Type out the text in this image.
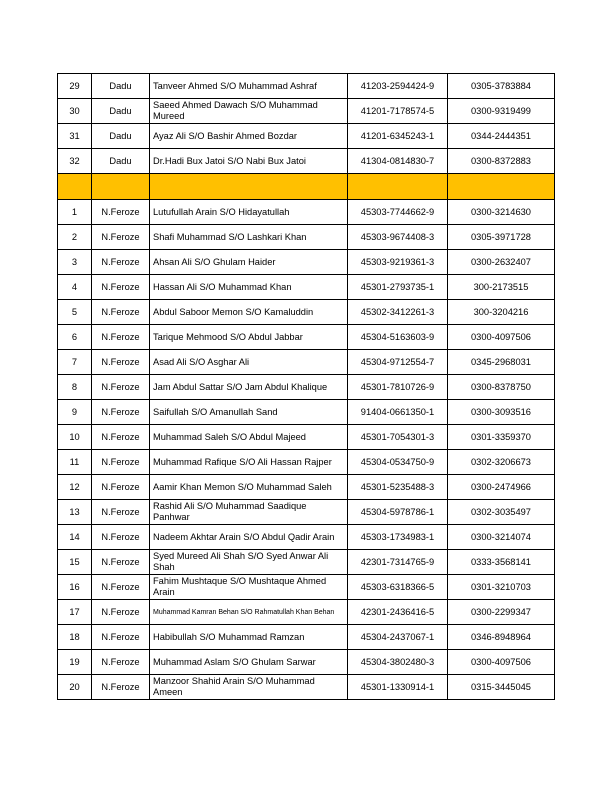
29	Dadu	Tanveer Ahmed S/O Muhammad Ashraf	41203-2594424-9	0305-3783884
30	Dadu	Saeed Ahmed Dawach S/O Muhammad Mureed	41201-7178574-5	0300-9319499
31	Dadu	Ayaz Ali S/O Bashir Ahmed Bozdar	41201-6345243-1	0344-2444351
32	Dadu	Dr.Hadi Bux Jatoi S/O Nabi Bux Jatoi	41304-0814830-7	0300-8372883

1	N.Feroze	Lutufullah Arain S/O Hidayatullah	45303-7744662-9	0300-3214630
2	N.Feroze	Shafi Muhammad S/O Lashkari Khan	45303-9674408-3	0305-3971728
3	N.Feroze	Ahsan Ali S/O Ghulam Haider	45303-9219361-3	0300-2632407
4	N.Feroze	Hassan Ali S/O Muhammad Khan	45301-2793735-1	300-2173515
5	N.Feroze	Abdul Saboor Memon S/O Kamaluddin	45302-3412261-3	300-3204216
6	N.Feroze	Tarique Mehmood S/O Abdul Jabbar	45304-5163603-9	0300-4097506
7	N.Feroze	Asad Ali S/O Asghar Ali	45304-9712554-7	0345-2968031
8	N.Feroze	Jam Abdul Sattar S/O Jam Abdul Khalique	45301-7810726-9	0300-8378750
9	N.Feroze	Saifullah S/O Amanullah Sand	91404-0661350-1	0300-3093516
10	N.Feroze	Muhammad Saleh S/O Abdul Majeed	45301-7054301-3	0301-3359370
11	N.Feroze	Muhammad Rafique S/O Ali Hassan Rajper	45304-0534750-9	0302-3206673
12	N.Feroze	Aamir Khan Memon S/O Muhammad Saleh	45301-5235488-3	0300-2474966
13	N.Feroze	Rashid Ali S/O Muhammad Saadique Panhwar	45304-5978786-1	0302-3035497
14	N.Feroze	Nadeem Akhtar Arain S/O Abdul Qadir Arain	45303-1734983-1	0300-3214074
15	N.Feroze	Syed Mureed Ali Shah S/O Syed Anwar Ali Shah	42301-7314765-9	0333-3568141
16	N.Feroze	Fahim Mushtaque S/O Mushtaque Ahmed Arain	45303-6318366-5	0301-3210703
17	N.Feroze	Muhammad Kamran Behan S/O Rahmatullah Khan Behan	42301-2436416-5	0300-2299347
18	N.Feroze	Habibullah S/O Muhammad Ramzan	45304-2437067-1	0346-8948964
19	N.Feroze	Muhammad Aslam S/O Ghulam Sarwar	45304-3802480-3	0300-4097506
20	N.Feroze	Manzoor Shahid Arain S/O Muhammad Ameen	45301-1330914-1	0315-3445045
